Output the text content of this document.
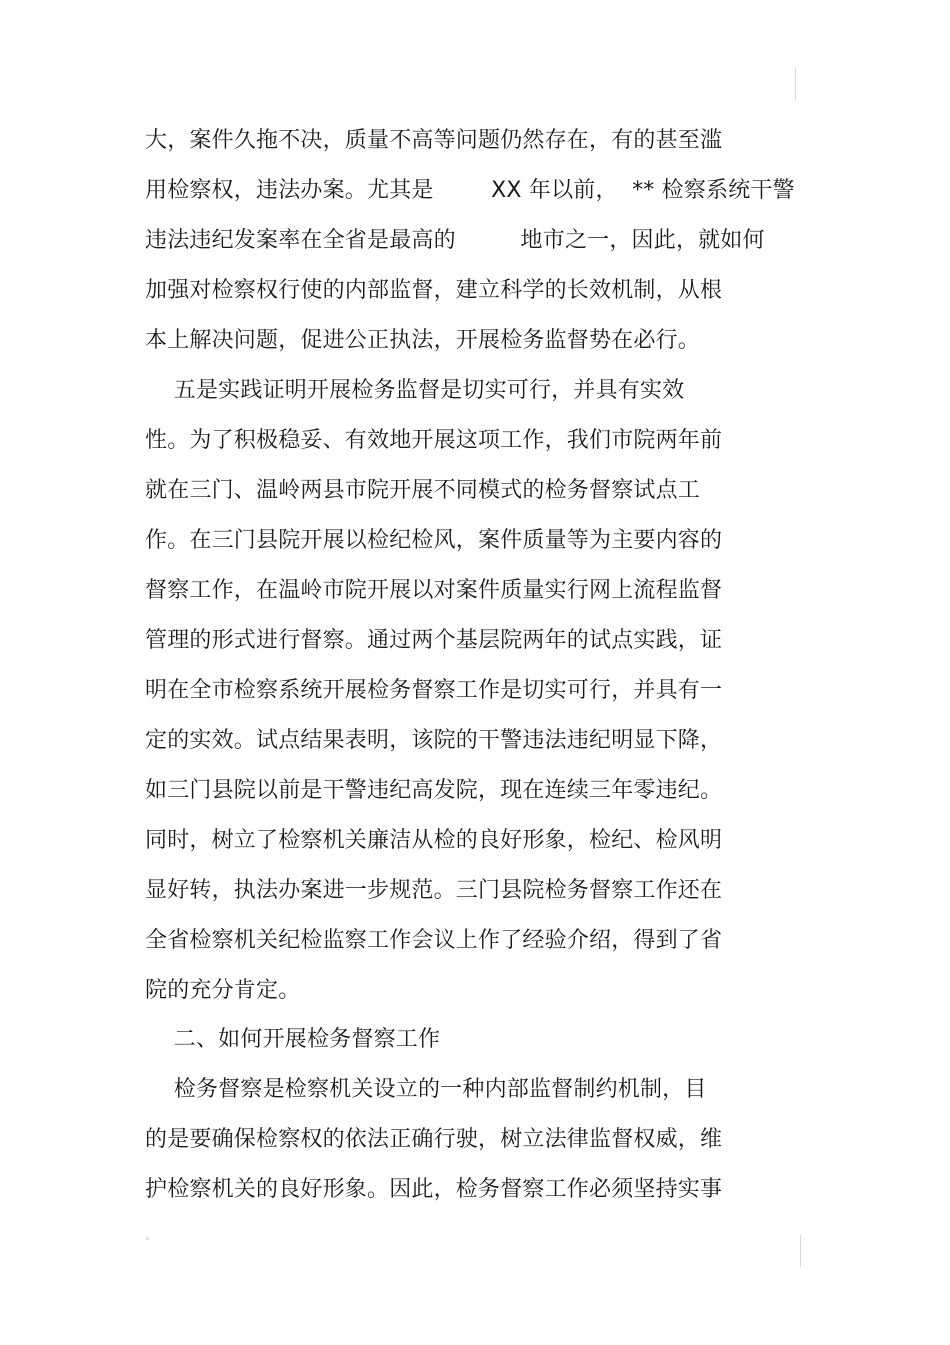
大，案件久拖不决，质量不高等问题仍然存在，有的甚至滥
用检察权，违法办案。尤其是        XX 年以前，  ** 检察系统干警
违法违纪发案率在全省是最高的         地市之一，因此，就如何
加强对检察权行使的内部监督，建立科学的长效机制，从根
本上解决问题，促进公正执法，开展检务监督势在必行。
五是实践证明开展检务监督是切实可行，并具有实效
性。为了积极稳妥、有效地开展这项工作，我们市院两年前
就在三门、温岭两县市院开展不同模式的检务督察试点工
作。在三门县院开展以检纪检风，案件质量等为主要内容的
督察工作，在温岭市院开展以对案件质量实行网上流程监督
管理的形式进行督察。通过两个基层院两年的试点实践，证
明在全市检察系统开展检务督察工作是切实可行，并具有一
定的实效。试点结果表明，该院的干警违法违纪明显下降，
如三门县院以前是干警违纪高发院，现在连续三年零违纪。
同时，树立了检察机关廉洁从检的良好形象，检纪、检风明
显好转，执法办案进一步规范。三门县院检务督察工作还在
全省检察机关纪检监察工作会议上作了经验介绍，得到了省
院的充分肯定。
二、如何开展检务督察工作
检务督察是检察机关设立的一种内部监督制约机制，目
的是要确保检察权的依法正确行驶，树立法律监督权威，维
护检察机关的良好形象。因此，检务督察工作必须坚持实事
